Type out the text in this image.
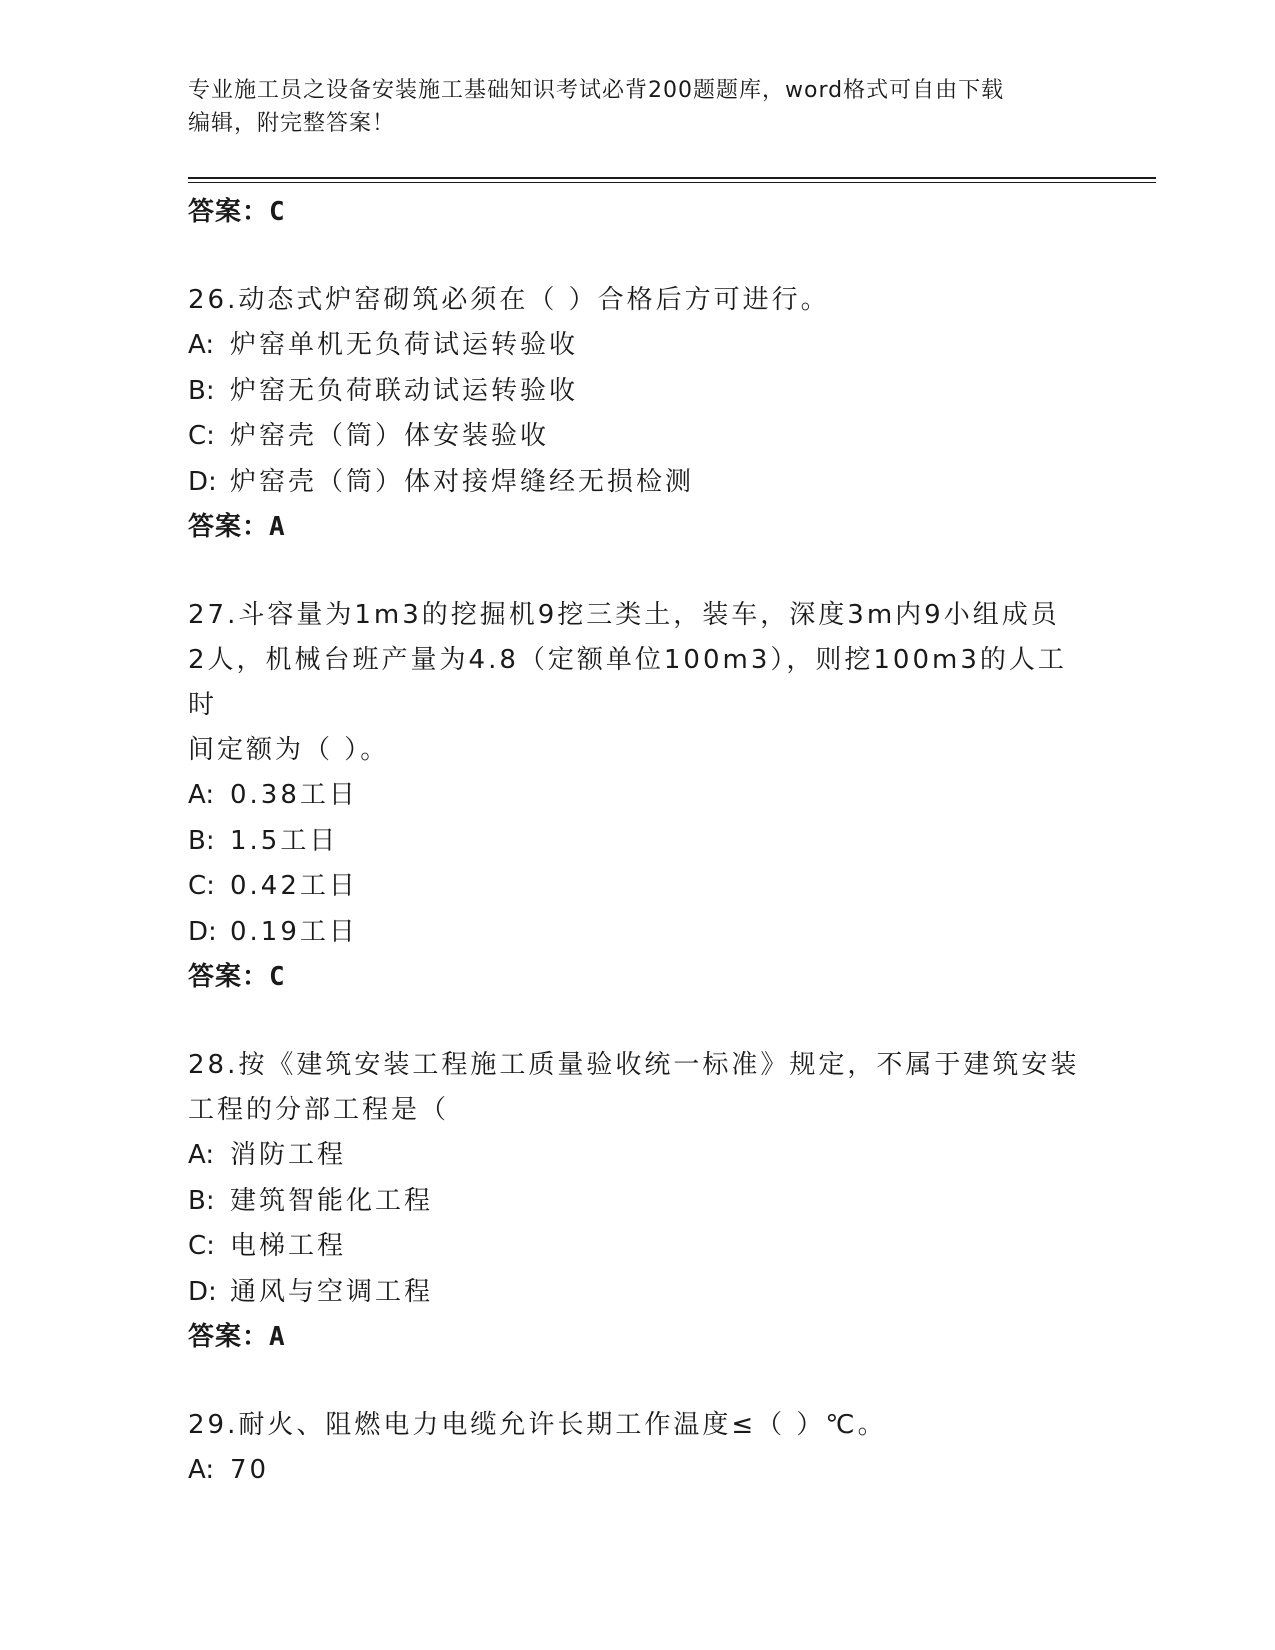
专业施工员之设备安装施工基础知识考试必背200题题库，word格式可自由下载
编辑，附完整答案！
答案：C
26.动态式炉窑砌筑必须在（ ）合格后方可进行。
A: 炉窑单机无负荷试运转验收
B: 炉窑无负荷联动试运转验收
C: 炉窑壳（筒）体安装验收
D: 炉窑壳（筒）体对接焊缝经无损检测
答案：A
27.斗容量为1m3的挖掘机9挖三类土，装车，深度3m内9小组成员
2人，机械台班产量为4.8（定额单位100m3），则挖100m3的人工时
间定额为（ ）。
A: 0.38工日
B: 1.5工日
C: 0.42工日
D: 0.19工日
答案：C
28.按《建筑安装工程施工质量验收统一标准》规定，不属于建筑安装
工程的分部工程是（
A: 消防工程
B: 建筑智能化工程
C: 电梯工程
D: 通风与空调工程
答案：A
29.耐火、阻燃电力电缆允许长期工作温度≤（ ）℃。
A: 70
